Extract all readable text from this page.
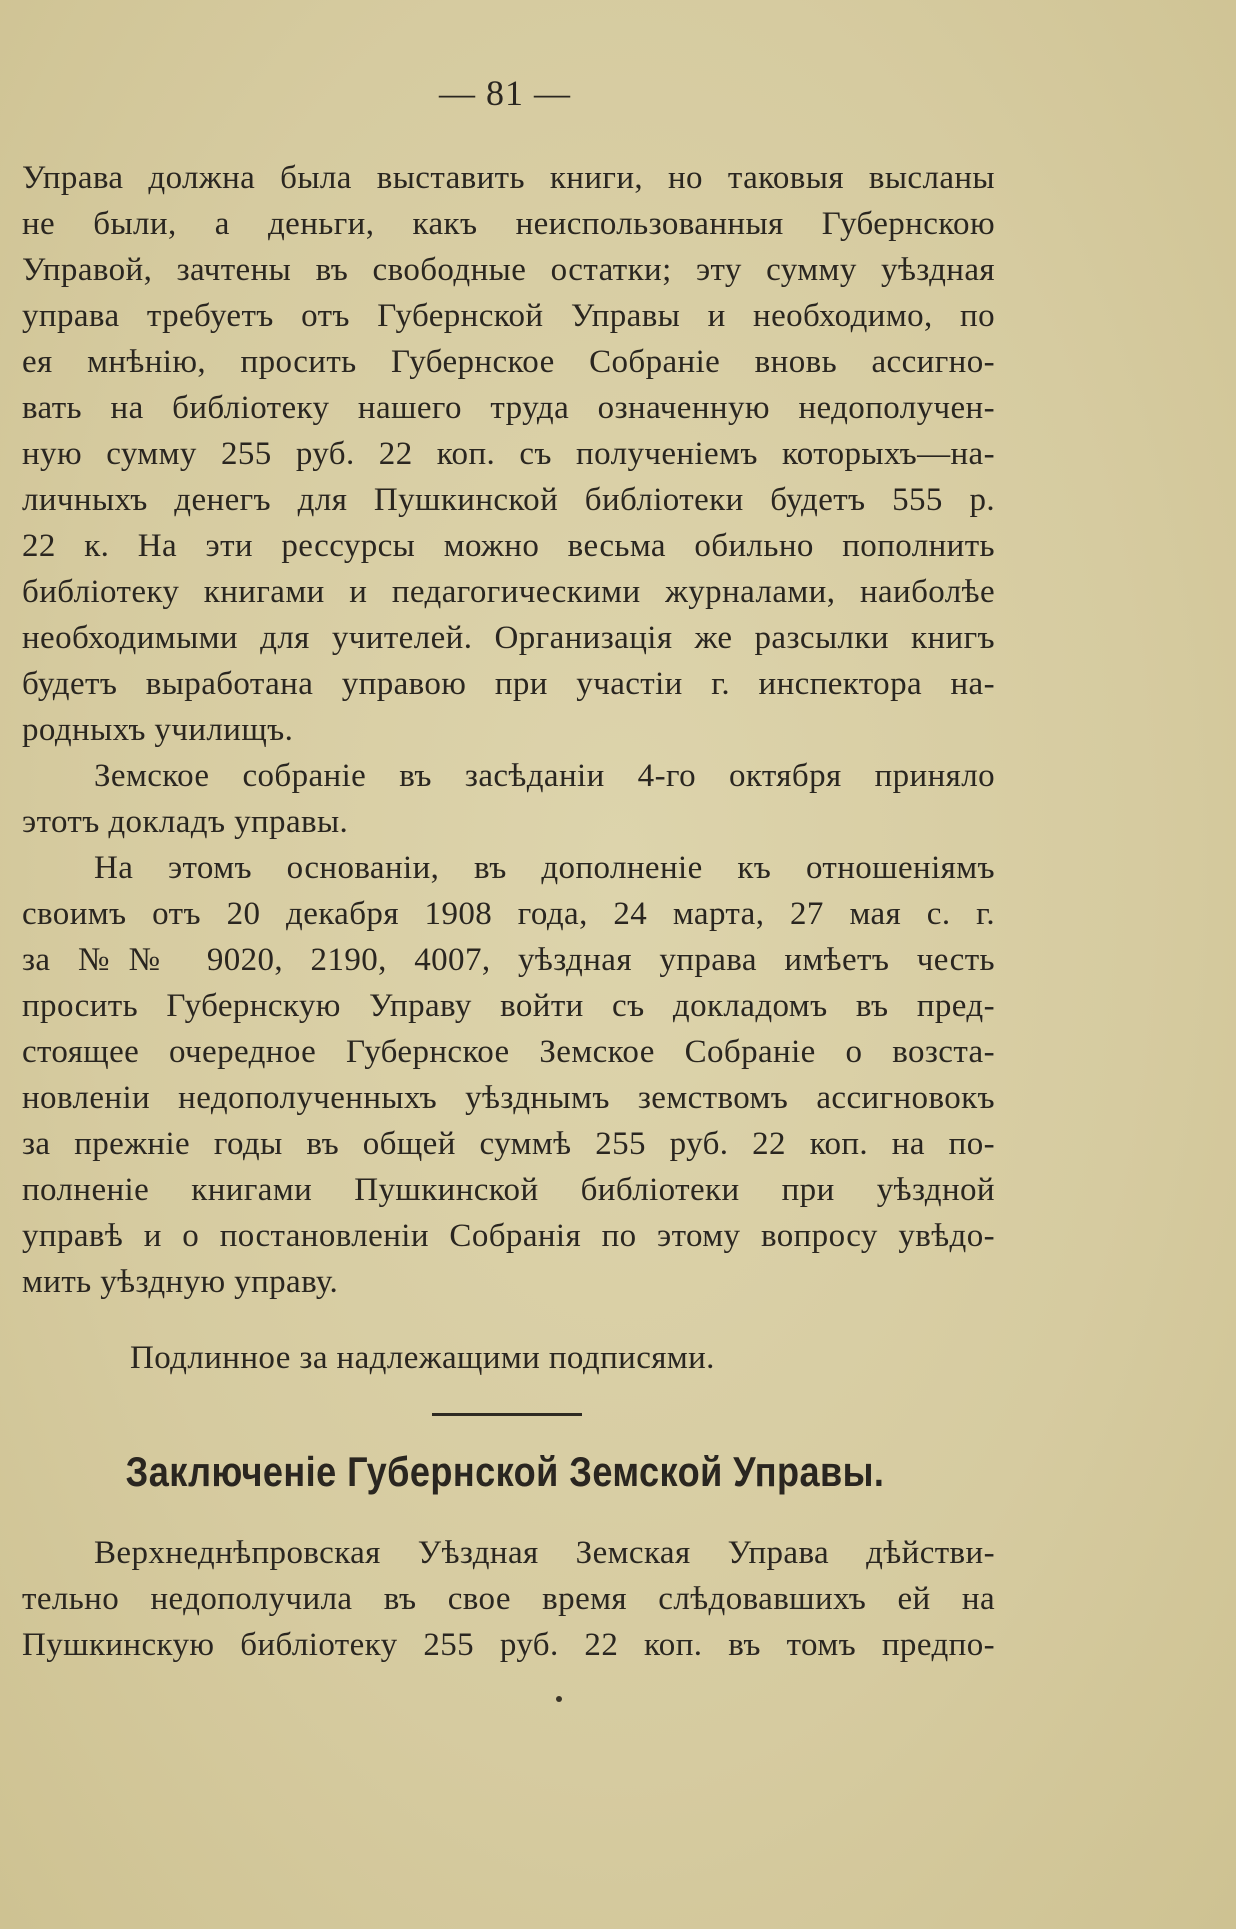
— 81 —
Управа должна была выставить книги, но таковыя высланы
не были, а деньги, какъ неиспользованныя Губернскою
Управой, зачтены въ свободные остатки; эту сумму уѣздная
управа требуетъ отъ Губернской Управы и необходимо, по
ея мнѣнію, просить Губернское Собраніе вновь ассигно-
вать на библіотеку нашего труда означенную недополучен-
ную сумму 255 руб. 22 коп. съ полученіемъ которыхъ—на-
личныхъ денегъ для Пушкинской библіотеки будетъ 555 р.
22 к. На эти рессурсы можно весьма обильно пополнить
библіотеку книгами и педагогическими журналами, наиболѣе
необходимыми для учителей. Организація же разсылки книгъ
будетъ выработана управою при участіи г. инспектора на-
родныхъ училищъ.
Земское собраніе въ засѣданіи 4-го октября приняло
этотъ докладъ управы.
На этомъ основаніи, въ дополненіе къ отношеніямъ
своимъ отъ 20 декабря 1908 года, 24 марта, 27 мая с. г.
за №№ 9020, 2190, 4007, уѣздная управа имѣетъ честь
просить Губернскую Управу войти съ докладомъ въ пред-
стоящее очередное Губернское Земское Собраніе о возста-
новленіи недополученныхъ уѣзднымъ земствомъ ассигновокъ
за прежніе годы въ общей суммѣ 255 руб. 22 коп. на по-
полненіе книгами Пушкинской библіотеки при уѣздной
управѣ и о постановленіи Собранія по этому вопросу увѣдо-
мить уѣздную управу.
Подлинное за надлежащими подписями.
Заключеніе Губернской Земской Управы.
Верхнеднѣпровская Уѣздная Земская Управа дѣйстви-
тельно недополучила въ свое время слѣдовавшихъ ей на
Пушкинскую библіотеку 255 руб. 22 коп. въ томъ предпо-
